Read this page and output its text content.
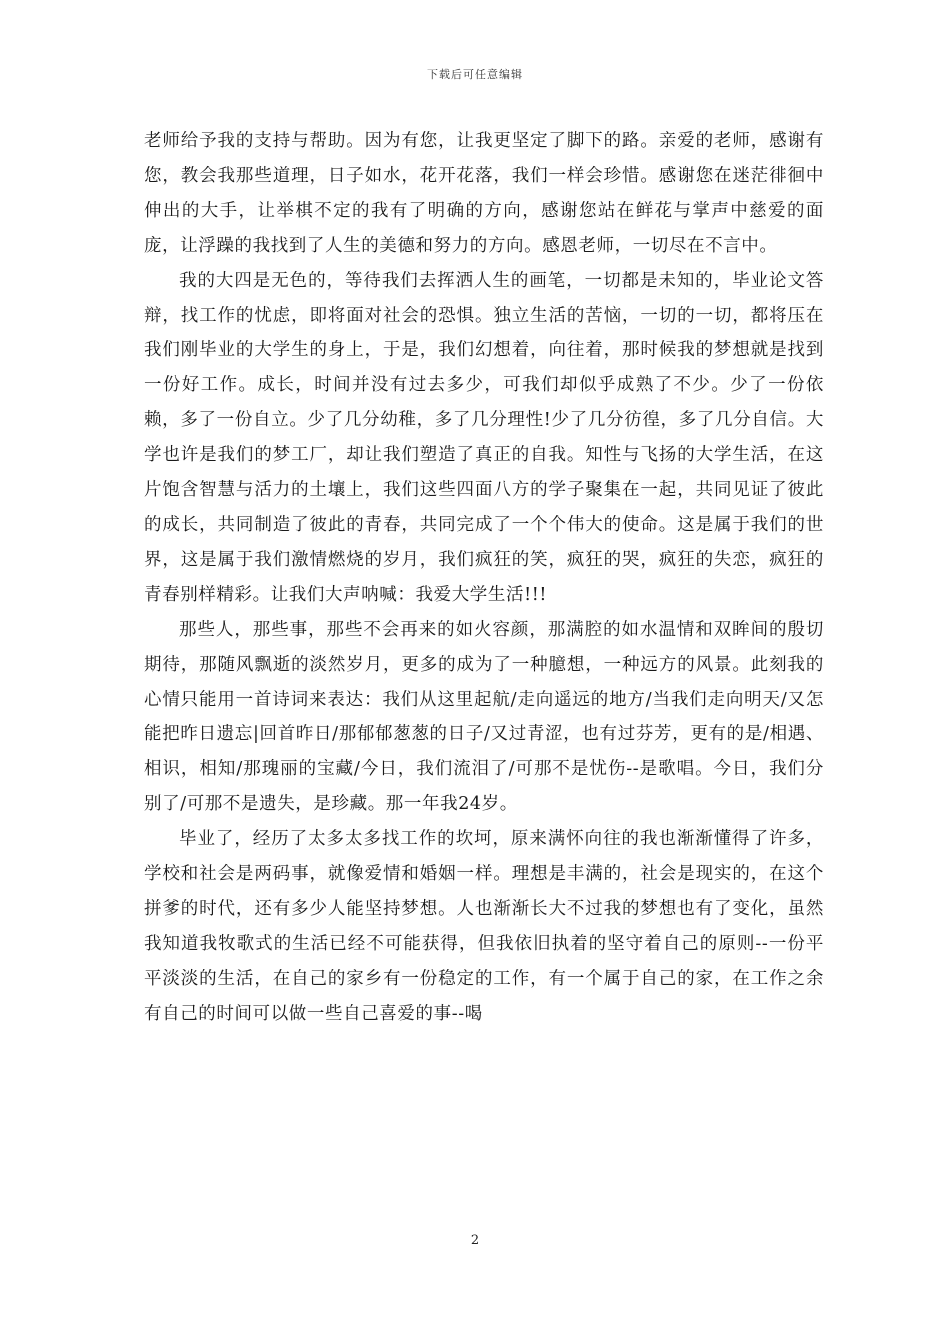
下载后可任意编辑

老师给予我的支持与帮助。因为有您，让我更坚定了脚下的路。亲爱的老师，感谢有您，教会我那些道理，日子如水，花开花落，我们一样会珍惜。感谢您在迷茫徘徊中伸出的大手，让举棋不定的我有了明确的方向，感谢您站在鲜花与掌声中慈爱的面庞，让浮躁的我找到了人生的美德和努力的方向。感恩老师，一切尽在不言中。

我的大四是无色的，等待我们去挥洒人生的画笔，一切都是未知的，毕业论文答辩，找工作的忧虑，即将面对社会的恐惧。独立生活的苦恼，一切的一切，都将压在我们刚毕业的大学生的身上，于是，我们幻想着，向往着，那时候我的梦想就是找到一份好工作。成长，时间并没有过去多少，可我们却似乎成熟了不少。少了一份依赖，多了一份自立。少了几分幼稚，多了几分理性!少了几分彷徨，多了几分自信。大学也许是我们的梦工厂，却让我们塑造了真正的自我。知性与飞扬的大学生活，在这片饱含智慧与活力的土壤上，我们这些四面八方的学子聚集在一起，共同见证了彼此的成长，共同制造了彼此的青春，共同完成了一个个伟大的使命。这是属于我们的世界，这是属于我们激情燃烧的岁月，我们疯狂的笑，疯狂的哭，疯狂的失恋，疯狂的青春别样精彩。让我们大声呐喊：我爱大学生活!!!

那些人，那些事，那些不会再来的如火容颜，那满腔的如水温情和双眸间的殷切期待，那随风飘逝的淡然岁月，更多的成为了一种臆想，一种远方的风景。此刻我的心情只能用一首诗词来表达：我们从这里起航/走向遥远的地方/当我们走向明天/又怎能把昨日遗忘|回首昨日/那郁郁葱葱的日子/又过青涩，也有过芬芳，更有的是/相遇、相识，相知/那瑰丽的宝藏/今日，我们流泪了/可那不是忧伤--是歌唱。今日，我们分别了/可那不是遗失，是珍藏。那一年我24岁。

毕业了，经历了太多太多找工作的坎坷，原来满怀向往的我也渐渐懂得了许多，学校和社会是两码事，就像爱情和婚姻一样。理想是丰满的，社会是现实的，在这个拼爹的时代，还有多少人能坚持梦想。人也渐渐长大不过我的梦想也有了变化，虽然我知道我牧歌式的生活已经不可能获得，但我依旧执着的坚守着自己的原则--一份平平淡淡的生活，在自己的家乡有一份稳定的工作，有一个属于自己的家，在工作之余有自己的时间可以做一些自己喜爱的事--喝

2
